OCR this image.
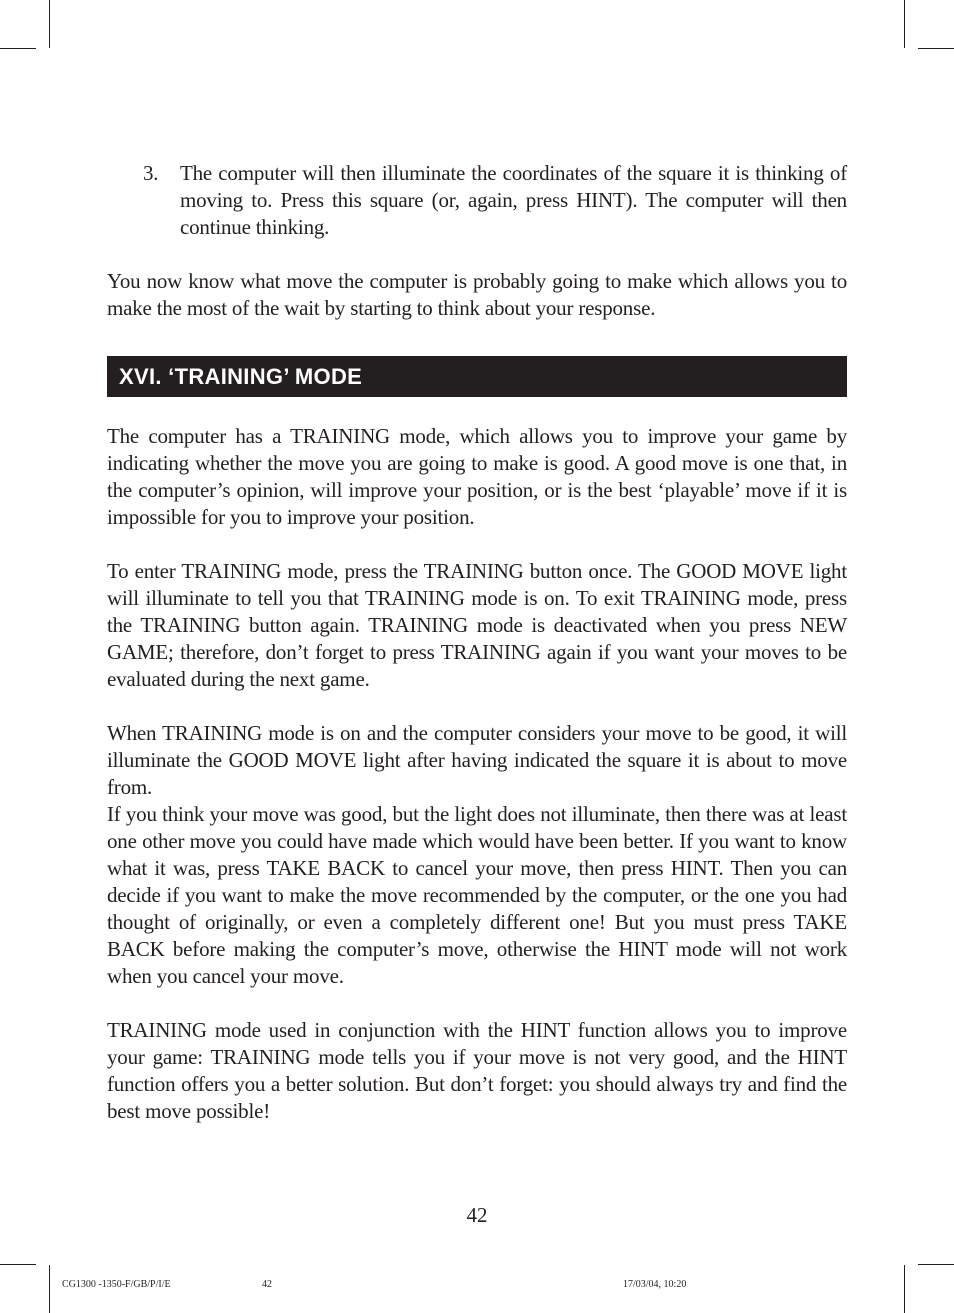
3. The computer will then illuminate the coordinates of the square it is thinking of moving to. Press this square (or, again, press HINT). The computer will then continue thinking.

You now know what move the computer is probably going to make which allows you to make the most of the wait by starting to think about your response.

XVI. ‘TRAINING’ MODE

The computer has a TRAINING mode, which allows you to improve your game by indicating whether the move you are going to make is good. A good move is one that, in the computer’s opinion, will improve your position, or is the best ‘playable’ move if it is impossible for you to improve your position.

To enter TRAINING mode, press the TRAINING button once. The GOOD MOVE light will illuminate to tell you that TRAINING mode is on. To exit TRAINING mode, press the TRAINING button again. TRAINING mode is deactivated when you press NEW GAME; therefore, don’t forget to press TRAINING again if you want your moves to be evaluated during the next game.

When TRAINING mode is on and the computer considers your move to be good, it will illuminate the GOOD MOVE light after having indicated the square it is about to move from.

If you think your move was good, but the light does not illuminate, then there was at least one other move you could have made which would have been better. If you want to know what it was, press TAKE BACK to cancel your move, then press HINT. Then you can decide if you want to make the move recommended by the computer, or the one you had thought of originally, or even a completely different one! But you must press TAKE BACK before making the computer’s move, otherwise the HINT mode will not work when you cancel your move.

TRAINING mode used in conjunction with the HINT function allows you to improve your game: TRAINING mode tells you if your move is not very good, and the HINT function offers you a better solution. But don’t forget: you should always try and find the best move possible!

42
CG1300 -1350-F/GB/P/I/E	42	17/03/04, 10:20
